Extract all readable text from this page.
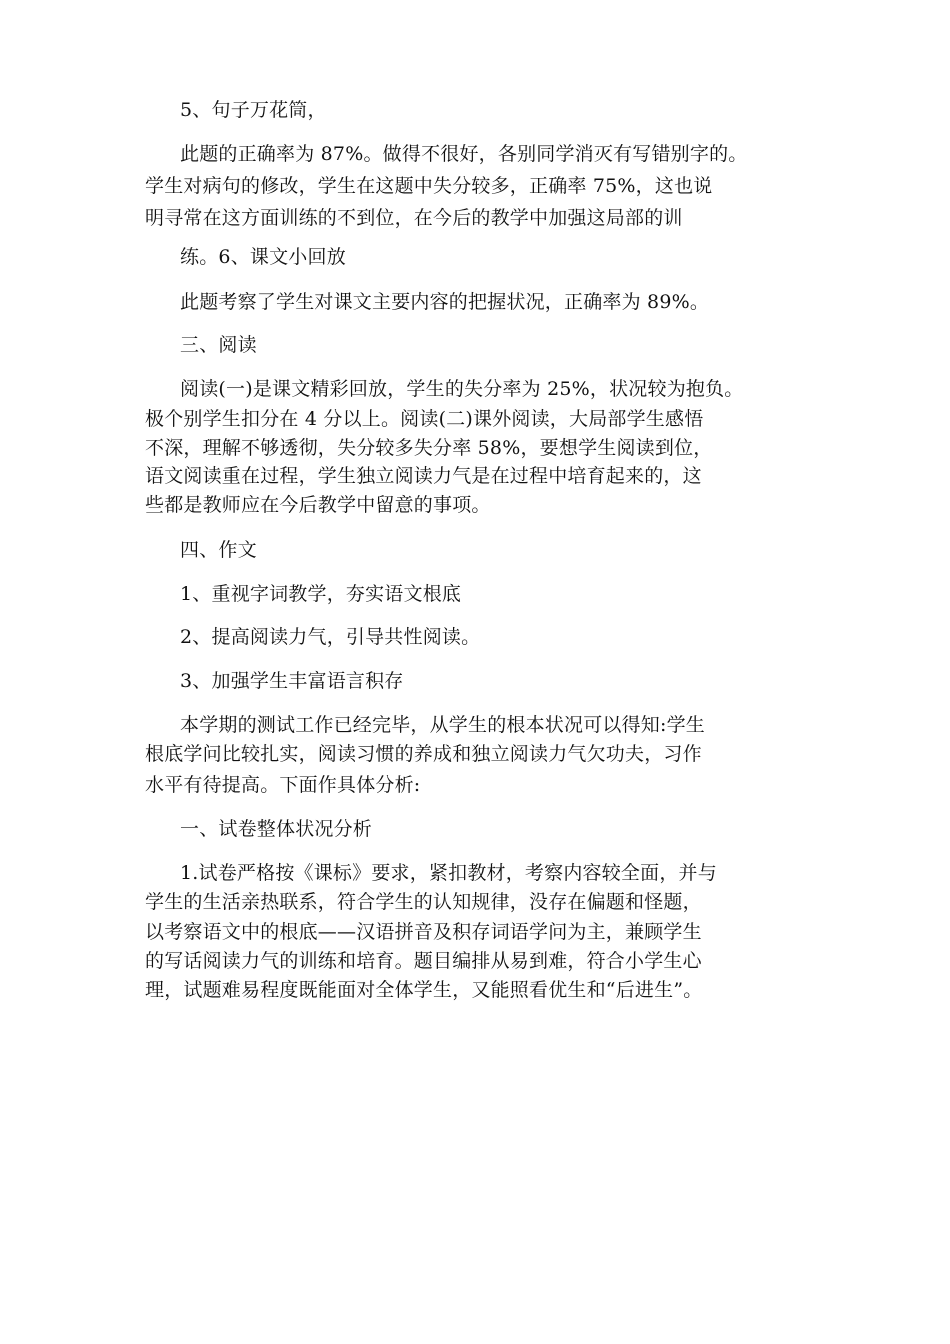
5、句子万花筒，
此题的正确率为 87%。做得不很好，各别同学消灭有写错别字的。
学生对病句的修改，学生在这题中失分较多，正确率 75%，这也说
明寻常在这方面训练的不到位，在今后的教学中加强这局部的训
练。6、课文小回放
此题考察了学生对课文主要内容的把握状况，正确率为 89%。
三、阅读
阅读(一)是课文精彩回放，学生的失分率为 25%，状况较为抱负。
极个别学生扣分在 4 分以上。阅读(二)课外阅读，大局部学生感悟
不深，理解不够透彻，失分较多失分率 58%，要想学生阅读到位，
语文阅读重在过程，学生独立阅读力气是在过程中培育起来的，这
些都是教师应在今后教学中留意的事项。
四、作文
1、重视字词教学，夯实语文根底
2、提高阅读力气，引导共性阅读。
3、加强学生丰富语言积存
本学期的测试工作已经完毕，从学生的根本状况可以得知:学生
根底学问比较扎实，阅读习惯的养成和独立阅读力气欠功夫，习作
水平有待提高。下面作具体分析:
一、试卷整体状况分析
1.试卷严格按《课标》要求，紧扣教材，考察内容较全面，并与
学生的生活亲热联系，符合学生的认知规律，没存在偏题和怪题，
以考察语文中的根底——汉语拼音及积存词语学问为主，兼顾学生
的写话阅读力气的训练和培育。题目编排从易到难，符合小学生心
理，试题难易程度既能面对全体学生，又能照看优生和“后进生”。
